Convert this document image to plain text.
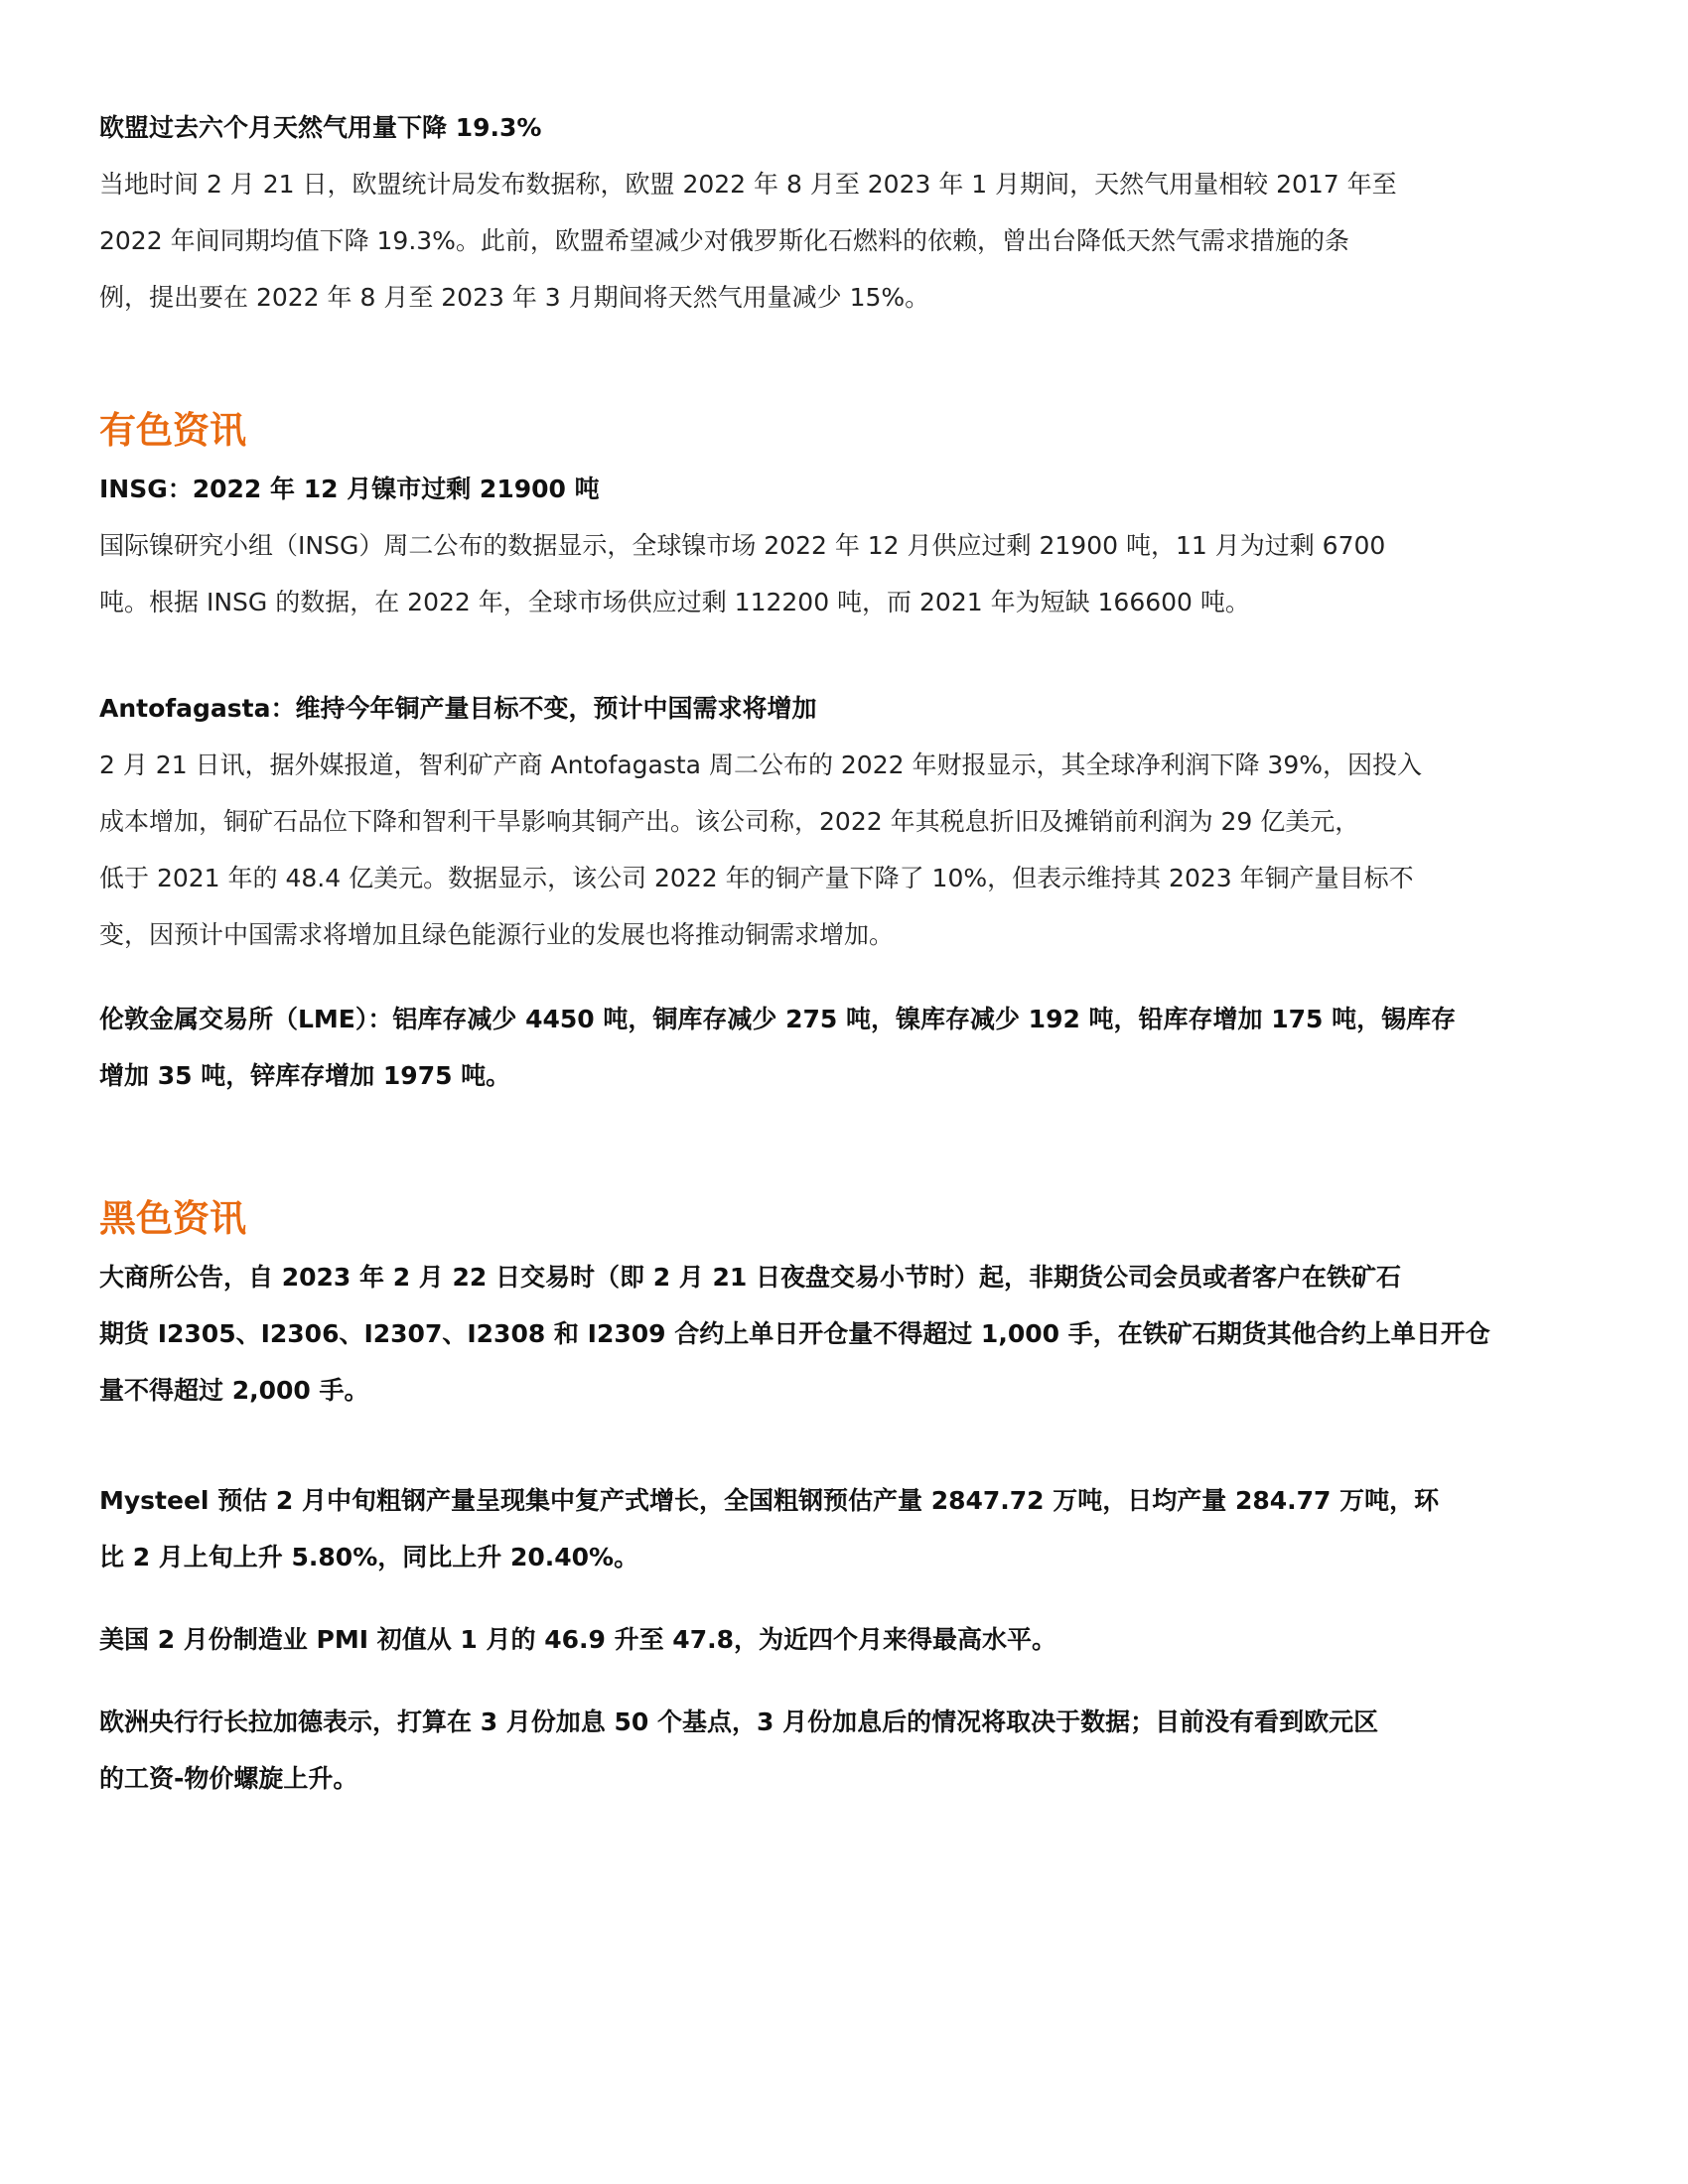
欧盟过去六个月天然气用量下降 19.3%

当地时间 2 月 21 日，欧盟统计局发布数据称，欧盟 2022 年 8 月至 2023 年 1 月期间，天然气用量相较 2017 年至
2022 年间同期均值下降 19.3%。此前，欧盟希望减少对俄罗斯化石燃料的依赖，曾出台降低天然气需求措施的条
例，提出要在 2022 年 8 月至 2023 年 3 月期间将天然气用量减少 15%。

有色资讯

INSG：2022 年 12 月镍市过剩 21900 吨

国际镍研究小组（INSG）周二公布的数据显示，全球镍市场 2022 年 12 月供应过剩 21900 吨，11 月为过剩 6700
吨。根据 INSG 的数据，在 2022 年，全球市场供应过剩 112200 吨，而 2021 年为短缺 166600 吨。

Antofagasta：维持今年铜产量目标不变，预计中国需求将增加

2 月 21 日讯，据外媒报道，智利矿产商 Antofagasta 周二公布的 2022 年财报显示，其全球净利润下降 39%，因投入
成本增加，铜矿石品位下降和智利干旱影响其铜产出。该公司称，2022 年其税息折旧及摊销前利润为 29 亿美元，
低于 2021 年的 48.4 亿美元。数据显示，该公司 2022 年的铜产量下降了 10%，但表示维持其 2023 年铜产量目标不
变，因预计中国需求将增加且绿色能源行业的发展也将推动铜需求增加。

伦敦金属交易所（LME）：铝库存减少 4450 吨，铜库存减少 275 吨，镍库存减少 192 吨，铅库存增加 175 吨，锡库存
增加 35 吨，锌库存增加 1975 吨。

黑色资讯

大商所公告，自 2023 年 2 月 22 日交易时（即 2 月 21 日夜盘交易小节时）起，非期货公司会员或者客户在铁矿石
期货 I2305、I2306、I2307、I2308 和 I2309 合约上单日开仓量不得超过 1,000 手，在铁矿石期货其他合约上单日开仓
量不得超过 2,000 手。

Mysteel 预估 2 月中旬粗钢产量呈现集中复产式增长，全国粗钢预估产量 2847.72 万吨，日均产量 284.77 万吨，环
比 2 月上旬上升 5.80%，同比上升 20.40%。

美国 2 月份制造业 PMI 初值从 1 月的 46.9 升至 47.8，为近四个月来得最高水平。

欧洲央行行长拉加德表示，打算在 3 月份加息 50 个基点，3 月份加息后的情况将取决于数据；目前没有看到欧元区
的工资-物价螺旋上升。
